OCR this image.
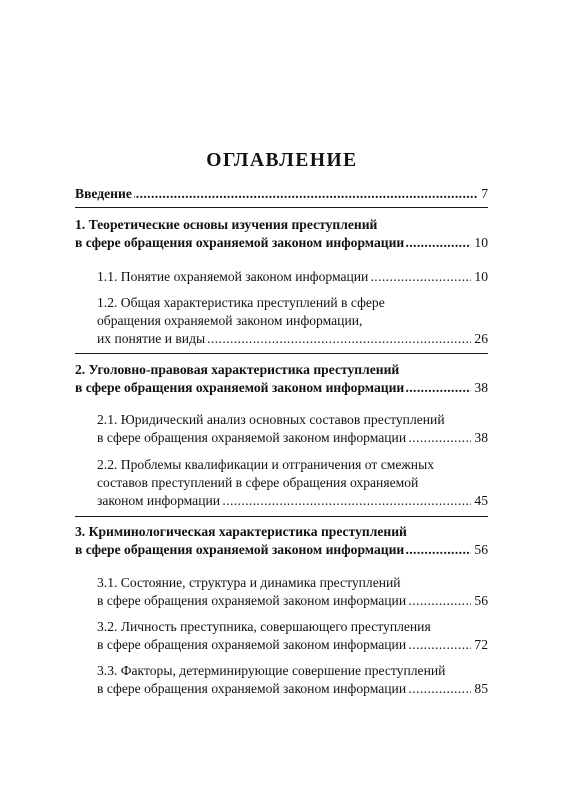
ОГЛАВЛЕНИЕ
..... Введение	7
1. Теоретические основы изучения преступлений
..... в сфере обращения охраняемой законом информации	10
..... 1.1. Понятие охраняемой законом информации	10
1.2. Общая характеристика преступлений в сфере
обращения охраняемой законом информации,
..... их понятие и виды	26
2. Уголовно-правовая характеристика преступлений
..... в сфере обращения охраняемой законом информации	38
2.1. Юридический анализ основных составов преступлений
..... в сфере обращения охраняемой законом информации	38
2.2. Проблемы квалификации и отграничения от смежных
составов преступлений в сфере обращения охраняемой
..... законом информации	45
3. Криминологическая характеристика преступлений
..... в сфере обращения охраняемой законом информации	56
3.1. Состояние, структура и динамика преступлений
..... в сфере обращения охраняемой законом информации	56
3.2. Личность преступника, совершающего преступления
..... в сфере обращения охраняемой законом информации	72
3.3. Факторы, детерминирующие совершение преступлений
..... в сфере обращения охраняемой законом информации	85
